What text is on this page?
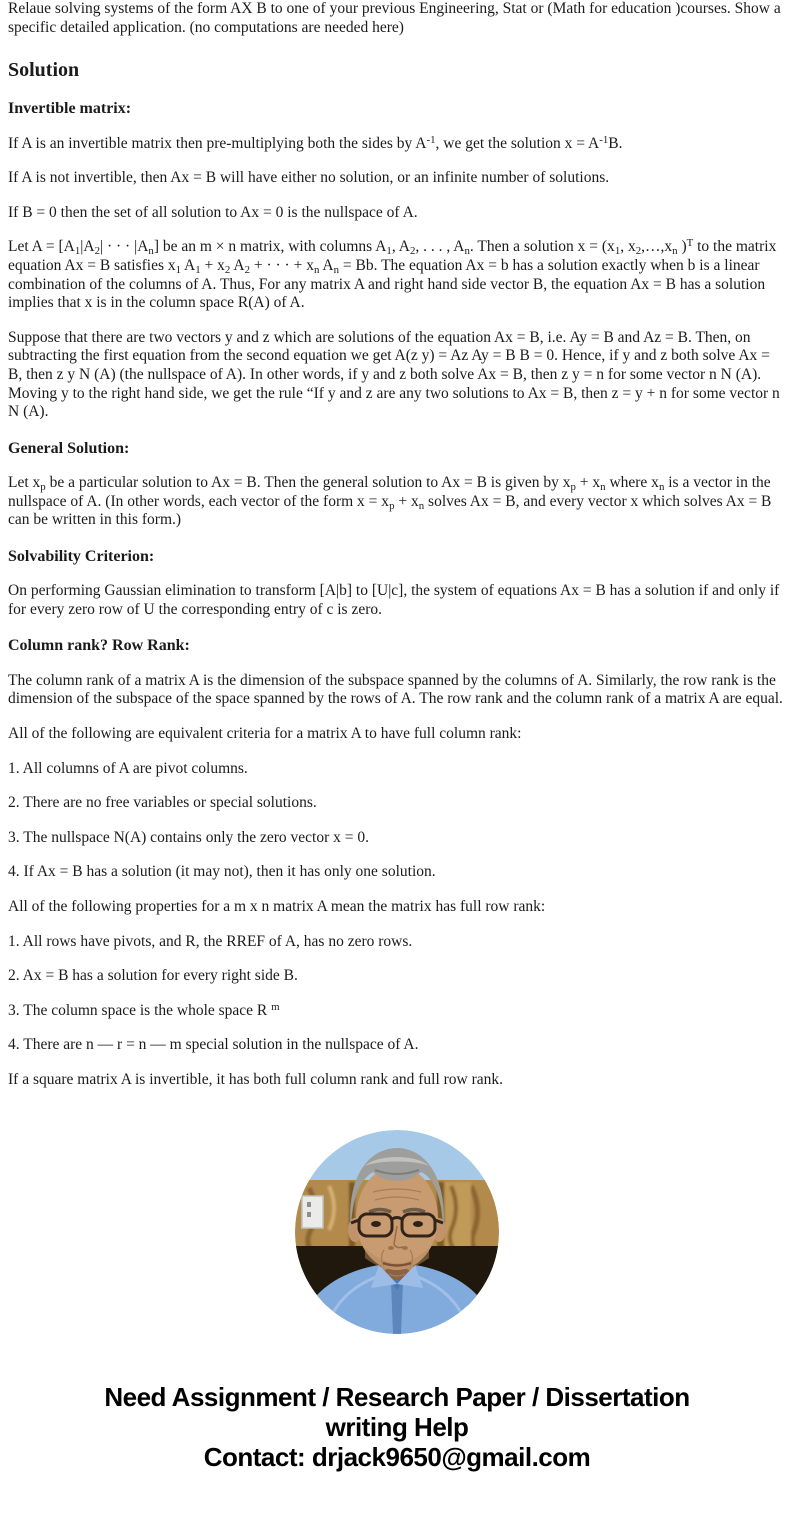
Relaue solving systems of the form AX B to one of your previous Engineering, Stat or (Math for education )courses. Show a specific detailed application. (no computations are needed here)

Solution

Invertible matrix:

If A is an invertible matrix then pre-multiplying both the sides by $A^{-1}$, we get the solution $x = A^{-1}B$.

If A is not invertible, then Ax = B will have either no solution, or an infinite number of solutions.

If B = 0 then the set of all solution to Ax = 0 is the nullspace of A.

Let $A = [A_1|A_2|$ · · · $|A_n$] be an m × n matrix, with columns $A_1$, $A_2$, . . . , $A_n$. Then a solution $x = (x_1$, $x_2,\dots,x_n$ )$^T$ to the matrix equation Ax = B satisfies $x_1$ $A_1 + x_2$ $A_2$ + · · · + $x_n$ $A_n = Bb$. The equation Ax = b has a solution exactly when b is a linear combination of the columns of A. Thus, For any matrix A and right hand side vector B, the equation Ax = B has a solution implies that x is in the column space R(A) of A.

Suppose that there are two vectors y and z which are solutions of the equation Ax = B, i.e. Ay = B and Az = B. Then, on subtracting the first equation from the second equation we get A(z y) = Az Ay = B B = 0. Hence, if y and z both solve Ax = B, then z y N (A) (the nullspace of A). In other words, if y and z both solve Ax = B, then z y = n for some vector n N (A). Moving y to the right hand side, we get the rule “If y and z are any two solutions to Ax = B, then z = y + n for some vector n N (A).

General Solution:

Let $x_p$ be a particular solution to Ax = B. Then the general solution to Ax = B is given by $x_p + x_n$ where $x_n$ is a vector in the nullspace of A. (In other words, each vector of the form $x = x_p + x_n$ solves Ax = B, and every vector x which solves Ax = B can be written in this form.)

Solvability Criterion:

On performing Gaussian elimination to transform [A|b] to [U|c], the system of equations Ax = B has a solution if and only if for every zero row of U the corresponding entry of c is zero.

Column rank? Row Rank:

The column rank of a matrix A is the dimension of the subspace spanned by the columns of A. Similarly, the row rank is the dimension of the subspace of the space spanned by the rows of A. The row rank and the column rank of a matrix A are equal.

All of the following are equivalent criteria for a matrix A to have full column rank:

1. All columns of A are pivot columns.

2. There are no free variables or special solutions.

3. The nullspace N(A) contains only the zero vector x = 0.

4. If Ax = B has a solution (it may not), then it has only one solution.

All of the following properties for a m x n matrix A mean the matrix has full row rank:

1. All rows have pivots, and R, the RREF of A, has no zero rows.

2. Ax = B has a solution for every right side B.

3. The column space is the whole space R $^m$

4. There are n — r = n — m special solution in the nullspace of A.

If a square matrix A is invertible, it has both full column rank and full row rank.

Need Assignment / Research Paper / Dissertation
writing Help
Contact: drjack9650@gmail.com
